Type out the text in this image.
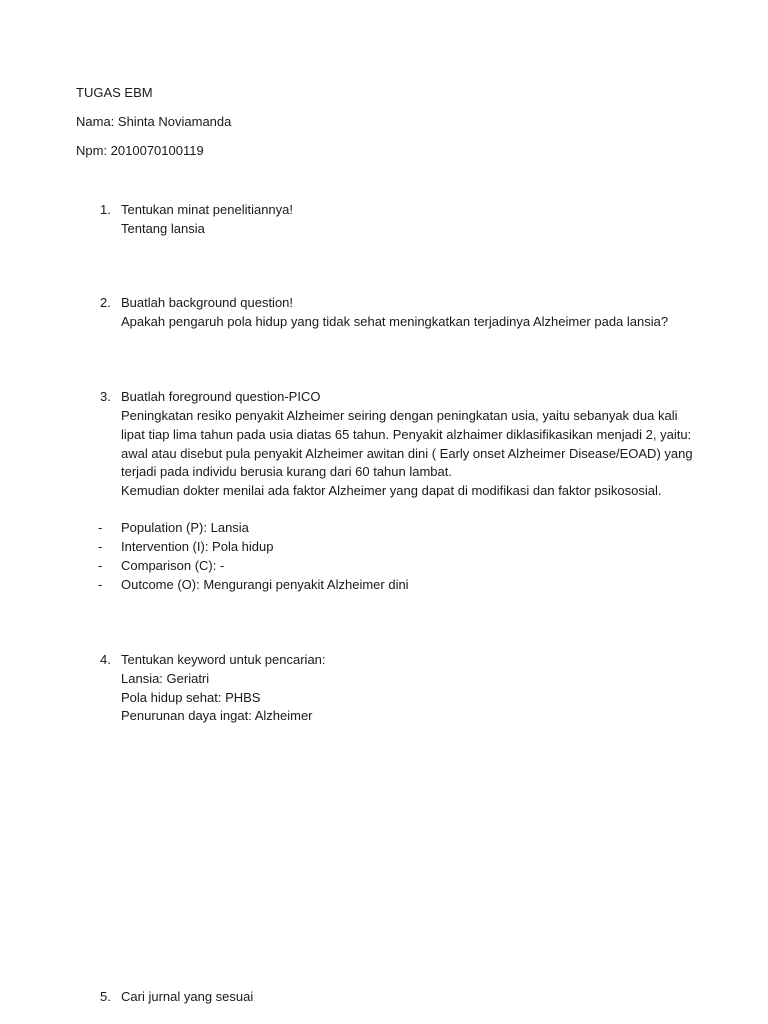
TUGAS EBM
Nama: Shinta Noviamanda
Npm: 2010070100119
1. Tentukan minat penelitiannya!
Tentang lansia
2. Buatlah background question!
Apakah pengaruh pola hidup yang tidak sehat meningkatkan terjadinya Alzheimer pada lansia?
3. Buatlah foreground question-PICO
Peningkatan resiko penyakit Alzheimer seiring dengan peningkatan usia, yaitu sebanyak dua kali
lipat tiap lima tahun pada usia diatas 65 tahun. Penyakit alzhaimer diklasifikasikan menjadi 2, yaitu:
awal atau disebut pula penyakit Alzheimer awitan dini ( Early onset Alzheimer Disease/EOAD) yang
terjadi pada individu berusia kurang dari 60 tahun lambat.
Kemudian dokter menilai ada faktor Alzheimer yang dapat di modifikasi dan faktor psikososial.
- Population (P): Lansia
- Intervention (I): Pola hidup
- Comparison (C): -
- Outcome (O): Mengurangi penyakit Alzheimer dini
4. Tentukan keyword untuk pencarian:
Lansia: Geriatri
Pola hidup sehat: PHBS
Penurunan daya ingat: Alzheimer
5. Cari jurnal yang sesuai
